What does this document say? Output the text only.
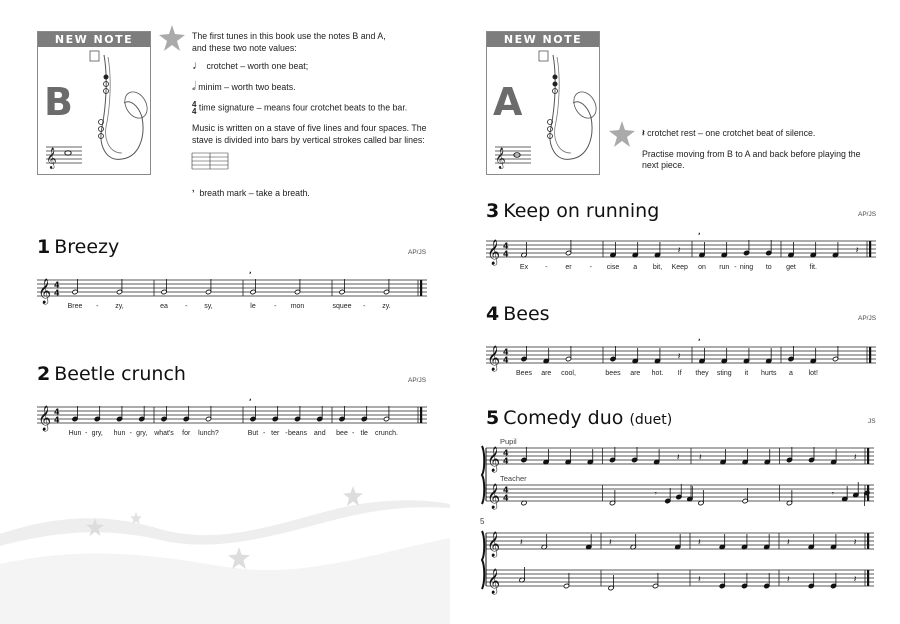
NEW NOTE
B
𝄞

The first tunes in this book use the notes B and A,
and these two note values:

♩ crotchet – worth one beat;

𝅗𝅥 minim – worth two beats.

4
4 time signature – means four crotchet beats to the bar.

Music is written on a stave of five lines and four spaces. The
stave is divided into bars by vertical strokes called bar lines:

ʼ breath mark – take a breath.
1 Breezy	AP/JS
𝄞 4
4
ʼ
Bree - zy,	ea - sy,	le	- mon	squee - zy.
2 Beetle crunch	AP/JS
𝄞 4
4
ʼ
Hun - gry, hun - gry, what's for lunch?	But - ter - beans and bee - tle crunch.
NEW NOTE
A
𝄞

𝄽 crotchet rest – one crotchet beat of silence.

Practise moving from B to A and back before playing the
next piece.

3 Keep on running	AP/JS
𝄞 4
4	𝄽
ʼ
𝄽
Ex -	er	- cise a bit, Keep on run - ning to get fit.
4 Bees	AP/JS
𝄞 4
4	𝄽
ʼ
Bees are cool,	bees are hot. If they sting it hurts a lot!
5 Comedy duo (duet)	JS
Pupil
Teacher
5
𝄞 4
4	𝄽 𝄽	𝄽
𝄞 4
4	𝄾	𝄾
𝄞 𝄽	𝄽	𝄽	𝄽	𝄽
𝄞	𝄽	𝄽	𝄽
